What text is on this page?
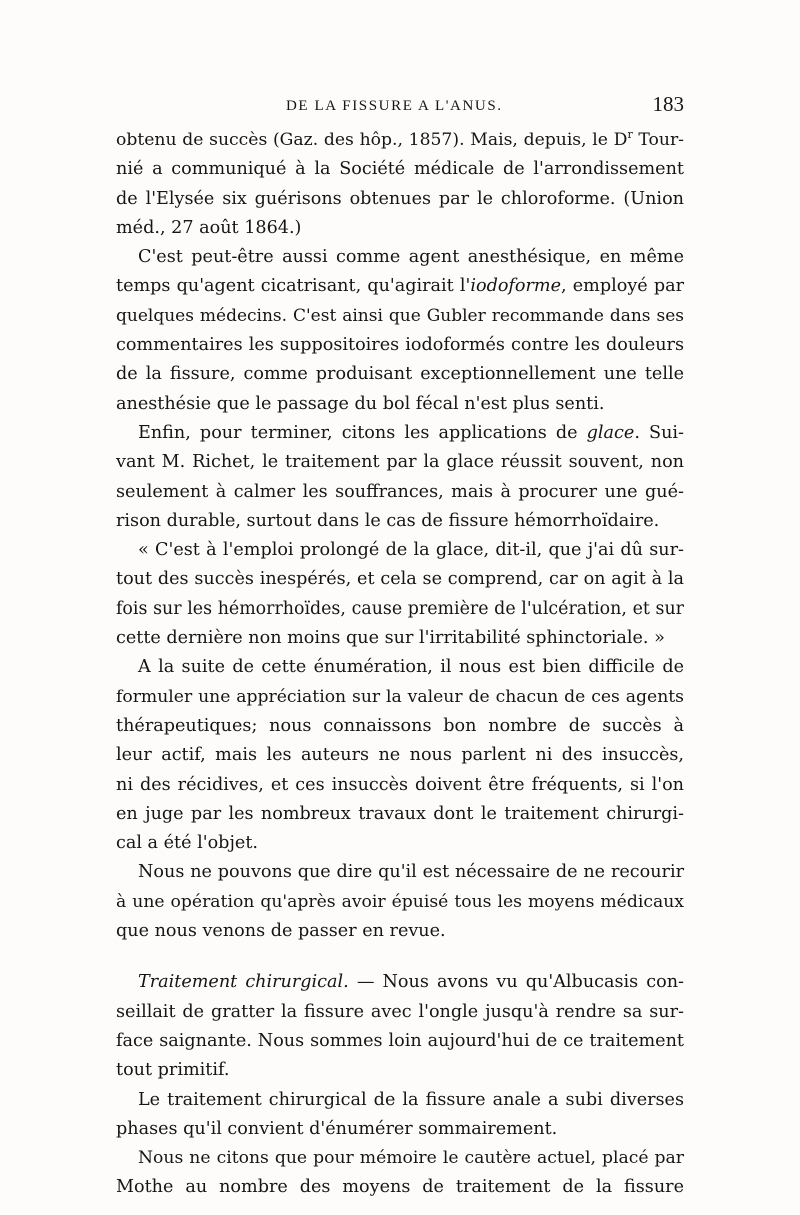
DE LA FISSURE A L'ANUS.	183
obtenu de succès (Gaz. des hôp., 1857). Mais, depuis, le $D^r$ Tour-
nié a communiqué à la Société médicale de l'arrondissement
de l'Elysée six guérisons obtenues par le chloroforme. (Union
méd., 27 août 1864.)
C'est peut-être aussi comme agent anesthésique, en même
temps qu'agent cicatrisant, qu'agirait l'iodoforme, employé par
quelques médecins. C'est ainsi que Gubler recommande dans ses
commentaires les suppositoires iodoformés contre les douleurs
de la fissure, comme produisant exceptionnellement une telle
anesthésie que le passage du bol fécal n'est plus senti.
Enfin, pour terminer, citons les applications de glace. Sui-
vant M. Richet, le traitement par la glace réussit souvent, non
seulement à calmer les souffrances, mais à procurer une gué-
rison durable, surtout dans le cas de fissure hémorrhoïdaire.
« C'est à l'emploi prolongé de la glace, dit-il, que j'ai dû sur-
tout des succès inespérés, et cela se comprend, car on agit à la
fois sur les hémorrhoïdes, cause première de l'ulcération, et sur
cette dernière non moins que sur l'irritabilité sphinctoriale. »
A la suite de cette énumération, il nous est bien difficile de
formuler une appréciation sur la valeur de chacun de ces agents
thérapeutiques; nous connaissons bon nombre de succès à
leur actif, mais les auteurs ne nous parlent ni des insuccès,
ni des récidives, et ces insuccès doivent être fréquents, si l'on
en juge par les nombreux travaux dont le traitement chirurgi-
cal a été l'objet.
Nous ne pouvons que dire qu'il est nécessaire de ne recourir
à une opération qu'après avoir épuisé tous les moyens médicaux
que nous venons de passer en revue.
Traitement chirurgical. — Nous avons vu qu'Albucasis con-
seillait de gratter la fissure avec l'ongle jusqu'à rendre sa sur-
face saignante. Nous sommes loin aujourd'hui de ce traitement
tout primitif.
Le traitement chirurgical de la fissure anale a subi diverses
phases qu'il convient d'énumérer sommairement.
Nous ne citons que pour mémoire le cautère actuel, placé par
Mothe au nombre des moyens de traitement de la fissure
